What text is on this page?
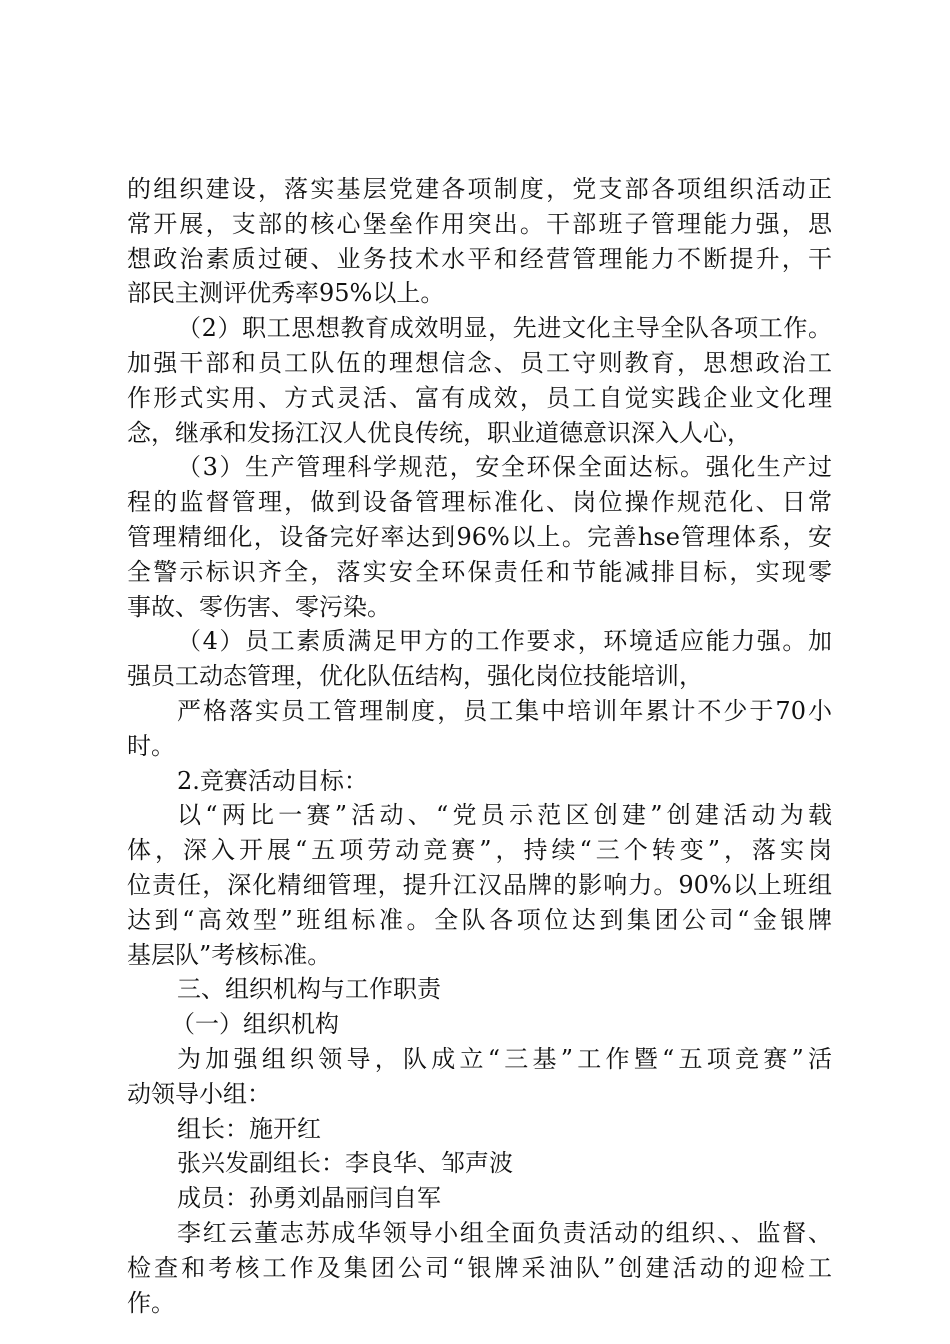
的组织建设，落实基层党建各项制度，党支部各项组织活动正
常开展，支部的核心堡垒作用突出。干部班子管理能力强，思
想政治素质过硬、业务技术水平和经营管理能力不断提升，干
部民主测评优秀率95%以上。
（2）职工思想教育成效明显，先进文化主导全队各项工作。
加强干部和员工队伍的理想信念、员工守则教育，思想政治工
作形式实用、方式灵活、富有成效，员工自觉实践企业文化理
念，继承和发扬江汉人优良传统，职业道德意识深入人心，
（3）生产管理科学规范，安全环保全面达标。强化生产过
程的监督管理，做到设备管理标准化、岗位操作规范化、日常
管理精细化，设备完好率达到96%以上。完善hse管理体系，安
全警示标识齐全，落实安全环保责任和节能减排目标，实现零
事故、零伤害、零污染。
（4）员工素质满足甲方的工作要求，环境适应能力强。加
强员工动态管理，优化队伍结构，强化岗位技能培训，
严格落实员工管理制度，员工集中培训年累计不少于70小
时。
2.竞赛活动目标：
以“两比一赛”活动、“党员示范区创建”创建活动为载
体，深入开展“五项劳动竞赛”，持续“三个转变”，落实岗
位责任，深化精细管理，提升江汉品牌的影响力。90%以上班组
达到“高效型”班组标准。全队各项位达到集团公司“金银牌
基层队”考核标准。
三、组织机构与工作职责
（一）组织机构
为加强组织领导，队成立“三基”工作暨“五项竞赛”活
动领导小组：
组长：施开红
张兴发副组长：李良华、邹声波
成员：孙勇刘晶丽闫自军
李红云董志苏成华领导小组全面负责活动的组织、、监督、
检查和考核工作及集团公司“银牌采油队”创建活动的迎检工
作。
